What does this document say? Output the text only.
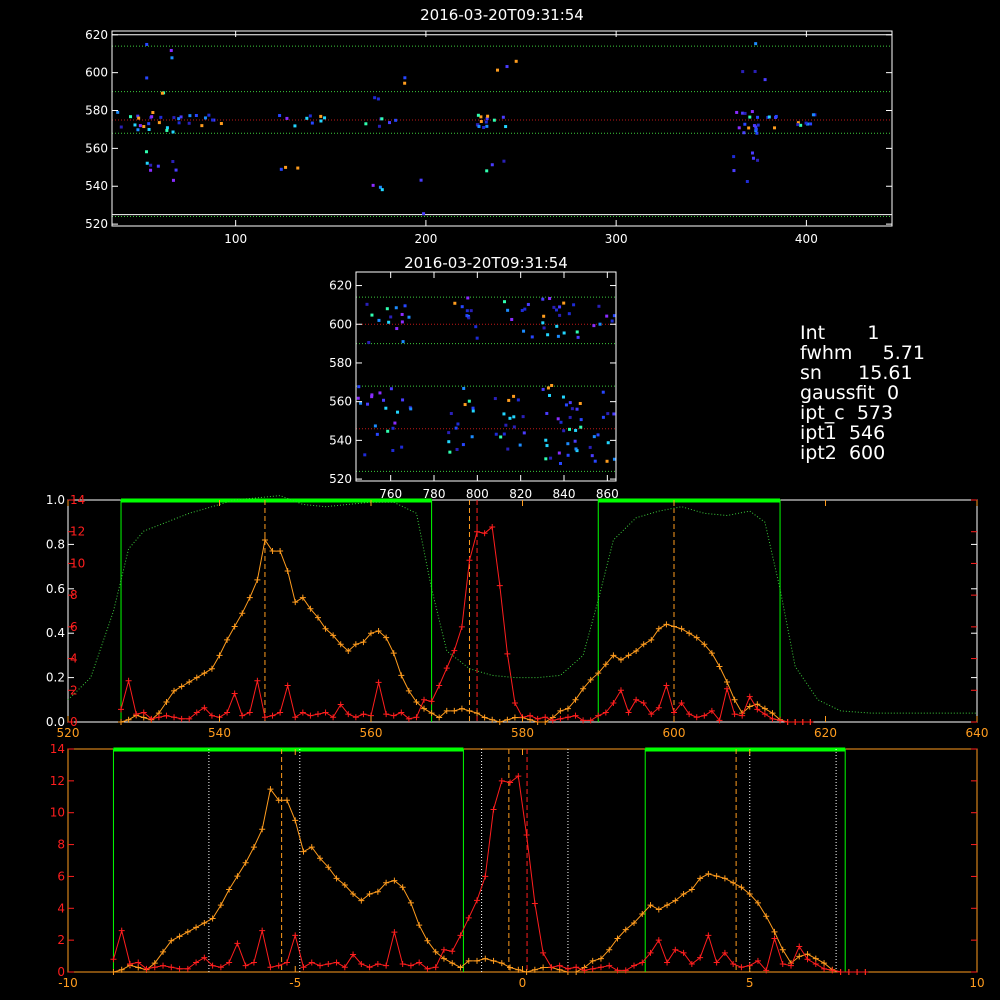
2016-03-20T09:31:54
100	200	300	400
520
540
560
580
600
620
2016-03-20T09:31:54
760 780 800 820 840 860
520
540
560
580
600
620
520	540	560	580	600	620	640
0.0
0.2
0.4
0.6
0.8
1.0
0
2
4
6
8
10
12
14
-10	-5	0	5	10
0
2
4
6
8
10
12
14
Int       1
fwhm     5.71
sn      15.61
gaussfit  0
ipt_c  573
ipt1  546
ipt2  600
